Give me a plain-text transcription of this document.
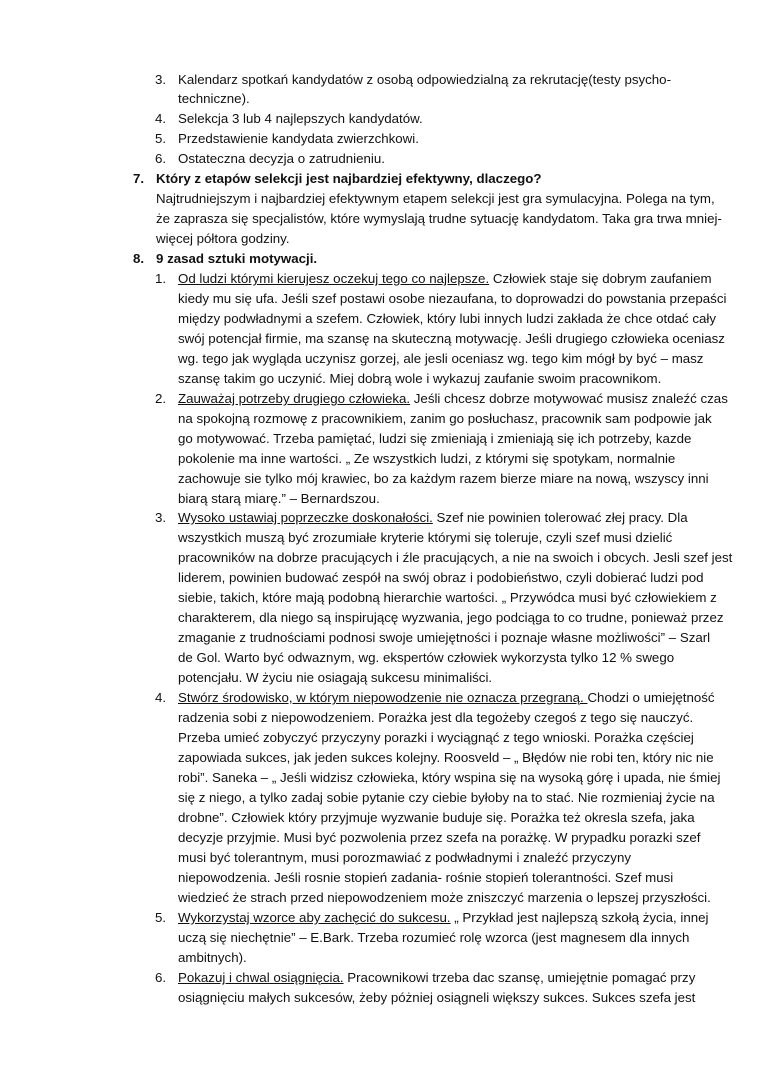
3. Kalendarz spotkań kandydatów z osobą odpowiedzialną za rekrutację(testy psycho-
techniczne).
4. Selekcja 3 lub 4 najlepszych kandydatów.
5. Przedstawienie kandydata zwierzchkowi.
6. Ostateczna decyzja o zatrudnieniu.
7. Który z etapów selekcji jest najbardziej efektywny, dlaczego?
Najtrudniejszym i najbardziej efektywnym etapem selekcji jest gra symulacyjna. Polega na tym,
że zaprasza się specjalistów, które wymyslają trudne sytuację kandydatom. Taka gra trwa mniej-
więcej półtora godziny.
8. 9 zasad sztuki motywacji.
1. Od ludzi którymi kierujesz oczekuj tego co najlepsze. Człowiek staje się dobrym zaufaniem
kiedy mu się ufa. Jeśli szef postawi osobe niezaufana, to doprowadzi do powstania przepaści
między podwładnymi a szefem. Człowiek, który lubi innych ludzi zakłada że chce otdać cały
swój potencjał firmie, ma szansę na skuteczną motywację. Jeśli drugiego człowieka oceniasz
wg. tego jak wygląda uczynisz gorzej, ale jesli oceniasz wg. tego kim mógł by być – masz
szansę takim go uczynić. Miej dobrą wole i wykazuj zaufanie swoim pracownikom.
2. Zauważaj potrzeby drugiego człowieka. Jeśli chcesz dobrze motywować musisz znaleźć czas
na spokojną rozmowę z pracownikiem, zanim go posłuchasz, pracownik sam podpowie jak
go motywować. Trzeba pamiętać, ludzi się zmieniają i zmieniają się ich potrzeby, kazde
pokolenie ma inne wartości. „ Ze wszystkich ludzi, z którymi się spotykam, normalnie
zachowuje sie tylko mój krawiec, bo za każdym razem bierze miare na nową, wszyscy inni
biarą starą miarę.” – Bernardszou.
3. Wysoko ustawiaj poprzeczke doskonałości. Szef nie powinien tolerować złej pracy. Dla
wszystkich muszą być zrozumiałe kryterie którymi się toleruje, czyli szef musi dzielić
pracowników na dobrze pracujących i źle pracujących, a nie na swoich i obcych. Jesli szef jest
liderem, powinien budować zespół na swój obraz i podobieństwo, czyli dobierać ludzi pod
siebie, takich, które mają podobną hierarchie wartości. „ Przywódca musi być człowiekiem z
charakterem, dla niego są inspirującę wyzwania, jego podciąga to co trudne, ponieważ przez
zmaganie z trudnościami podnosi swoje umiejętności i poznaje własne możliwości” – Szarl
de Gol. Warto być odwaznym, wg. ekspertów człowiek wykorzysta tylko 12 % swego
potencjału. W życiu nie osiagają sukcesu minimaliści.
4. Stwórz środowisko, w którym niepowodzenie nie oznacza przegraną. Chodzi o umiejętność
radzenia sobi z niepowodzeniem. Porażka jest dla tegożeby czegoś z tego się nauczyć.
Przeba umieć zobyczyć przyczyny porazki i wyciągnąć z tego wnioski. Porażka częściej
zapowiada sukces, jak jeden sukces kolejny. Roosveld – „ Błędów nie robi ten, który nic nie
robi”. Saneka – „ Jeśli widzisz człowieka, który wspina się na wysoką górę i upada, nie śmiej
się z niego, a tylko zadaj sobie pytanie czy ciebie byłoby na to stać. Nie rozmieniaj życie na
drobne”. Człowiek który przyjmuje wyzwanie buduje się. Porażka też okresla szefa, jaka
decyzje przyjmie. Musi być pozwolenia przez szefa na porażkę. W prypadku porazki szef
musi być tolerantnym, musi porozmawiać z podwładnymi i znaleźć przyczyny
niepowodzenia. Jeśli rosnie stopień zadania- rośnie stopień tolerantności. Szef musi
wiedzieć że strach przed niepowodzeniem może zniszczyć marzenia o lepszej przyszłości.
5. Wykorzystaj wzorce aby zachęcić do sukcesu. „ Przykład jest najlepszą szkołą życia, innej
uczą się niechętnie” – E.Bark. Trzeba rozumieć rolę wzorca (jest magnesem dla innych
ambitnych).
6. Pokazuj i chwal osiągnięcia. Pracownikowi trzeba dac szansę, umiejętnie pomagać przy
osiągnięciu małych sukcesów, żeby póżniej osiągneli większy sukces. Sukces szefa jest
